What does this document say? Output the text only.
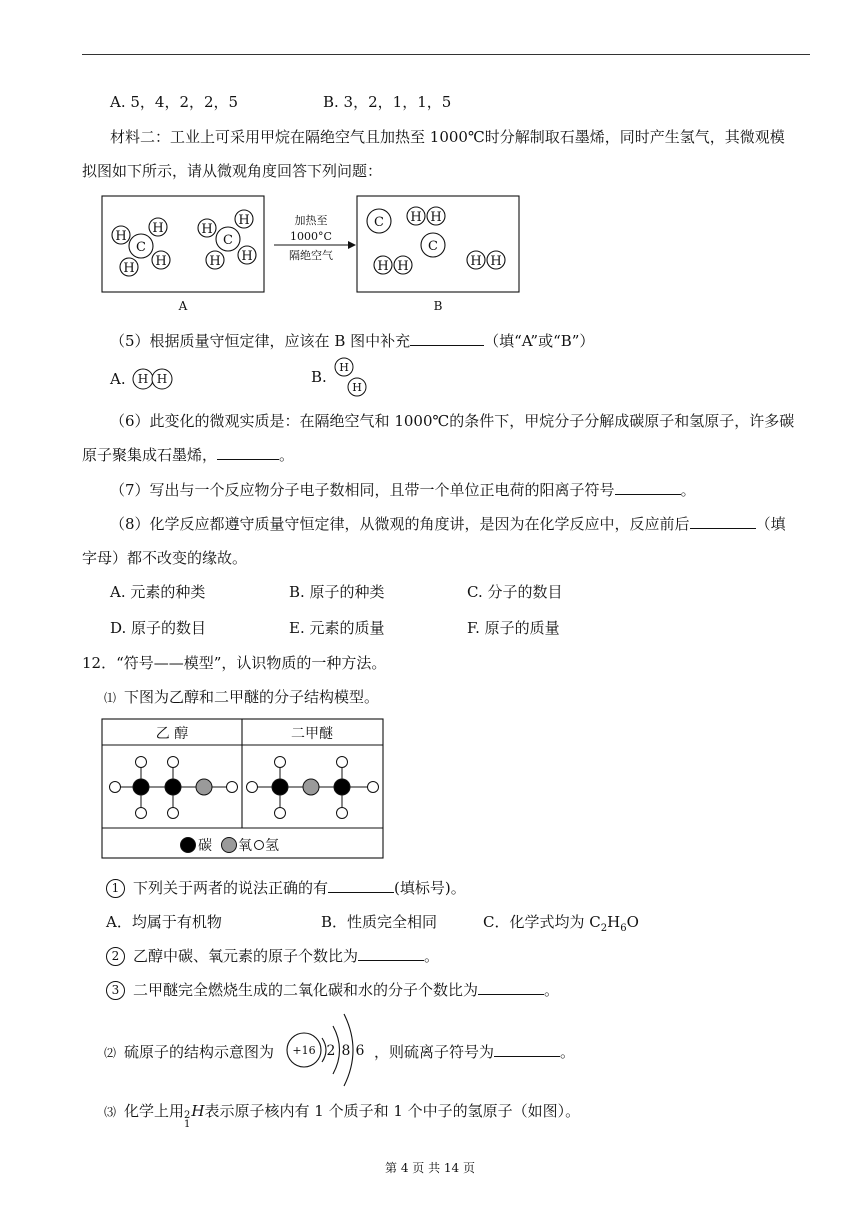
A. 5，4，2，2，5	B. 3，2，1，1，5
材料二：工业上可采用甲烷在隔绝空气且加热至 1000℃时分解制取石墨烯，同时产生氢气，其微观模
拟图如下所示，请从微观角度回答下列问题：
C
H
H
H H
C
H
H
H H
C H H
C
H H	H H
加热至
1000°C
隔绝空气
A	B
（5）根据质量守恒定律，应该在 B 图中补充	（填“A”或“B”）
A. H H	B.
H
H
（6）此变化的微观实质是：在隔绝空气和 1000℃的条件下，甲烷分子分解成碳原子和氢原子，许多碳
原子聚集成石墨烯，	。
（7）写出与一个反应物分子电子数相同，且带一个单位正电荷的阳离子符号	。
（8）化学反应都遵守质量守恒定律，从微观的角度讲，是因为在化学反应中，反应前后	（填
字母）都不改变的缘故。
A. 元素的种类	B. 原子的种类	C. 分子的数目
D. 原子的数目	E. 元素的质量	F. 原子的质量
12．“符号——模型”，认识物质的一种方法。
⑴ 下图为乙醇和二甲醚的分子结构模型。
乙 醇	二甲醚
碳 氧 氢
1 下列关于两者的说法正确的有	(填标号)。
A．均属于有机物	B．性质完全相同	C．化学式均为 $C_2H_6O$
2 乙醇中碳、氧元素的原子个数比为	。
3 二甲醚完全燃烧生成的二氧化碳和水的分子个数比为	。
⑵ 硫原子的结构示意图为 +16 2 8 6 ，则硫离子符号为	。
⑶ 化学上用 2
1
H表示原子核内有 1 个质子和 1 个中子的氢原子（如图）。
第 4 页 共 14 页
